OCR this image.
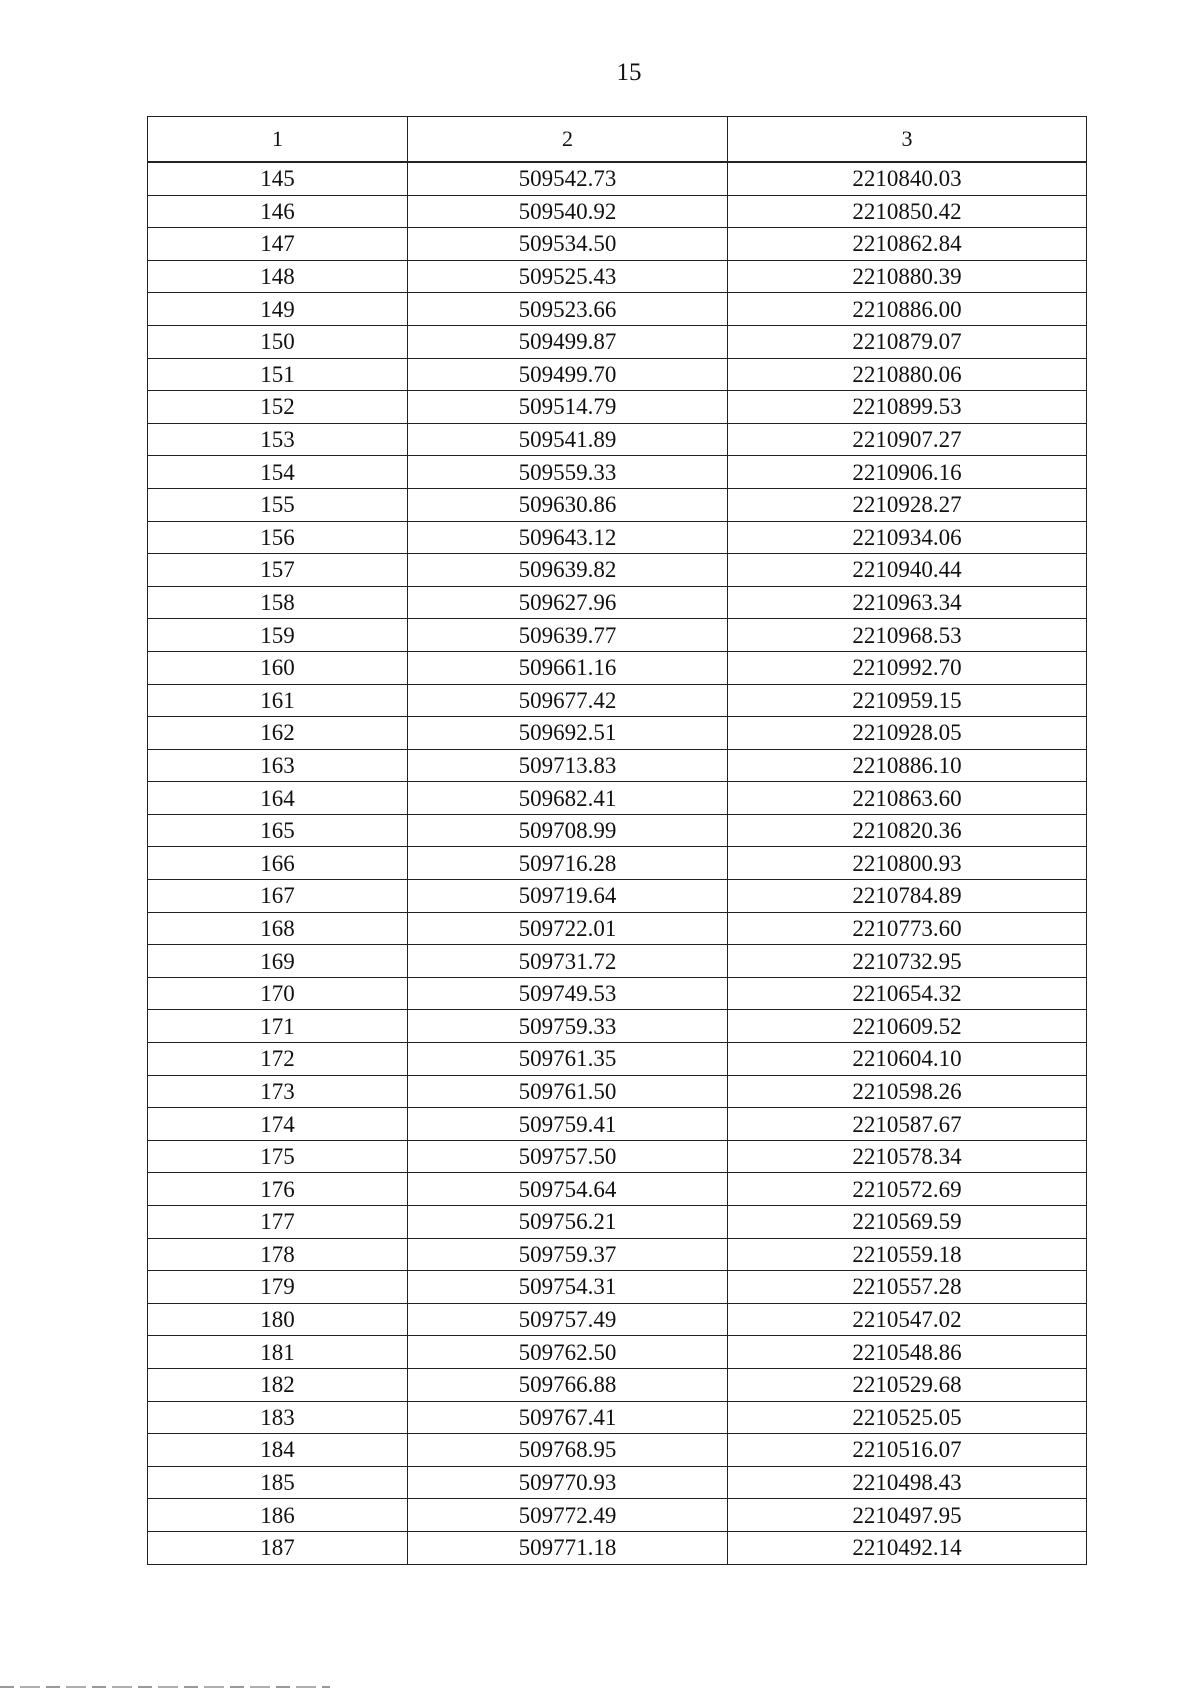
15
1	2	3
145	509542.73	2210840.03
146	509540.92	2210850.42
147	509534.50	2210862.84
148	509525.43	2210880.39
149	509523.66	2210886.00
150	509499.87	2210879.07
151	509499.70	2210880.06
152	509514.79	2210899.53
153	509541.89	2210907.27
154	509559.33	2210906.16
155	509630.86	2210928.27
156	509643.12	2210934.06
157	509639.82	2210940.44
158	509627.96	2210963.34
159	509639.77	2210968.53
160	509661.16	2210992.70
161	509677.42	2210959.15
162	509692.51	2210928.05
163	509713.83	2210886.10
164	509682.41	2210863.60
165	509708.99	2210820.36
166	509716.28	2210800.93
167	509719.64	2210784.89
168	509722.01	2210773.60
169	509731.72	2210732.95
170	509749.53	2210654.32
171	509759.33	2210609.52
172	509761.35	2210604.10
173	509761.50	2210598.26
174	509759.41	2210587.67
175	509757.50	2210578.34
176	509754.64	2210572.69
177	509756.21	2210569.59
178	509759.37	2210559.18
179	509754.31	2210557.28
180	509757.49	2210547.02
181	509762.50	2210548.86
182	509766.88	2210529.68
183	509767.41	2210525.05
184	509768.95	2210516.07
185	509770.93	2210498.43
186	509772.49	2210497.95
187	509771.18	2210492.14
